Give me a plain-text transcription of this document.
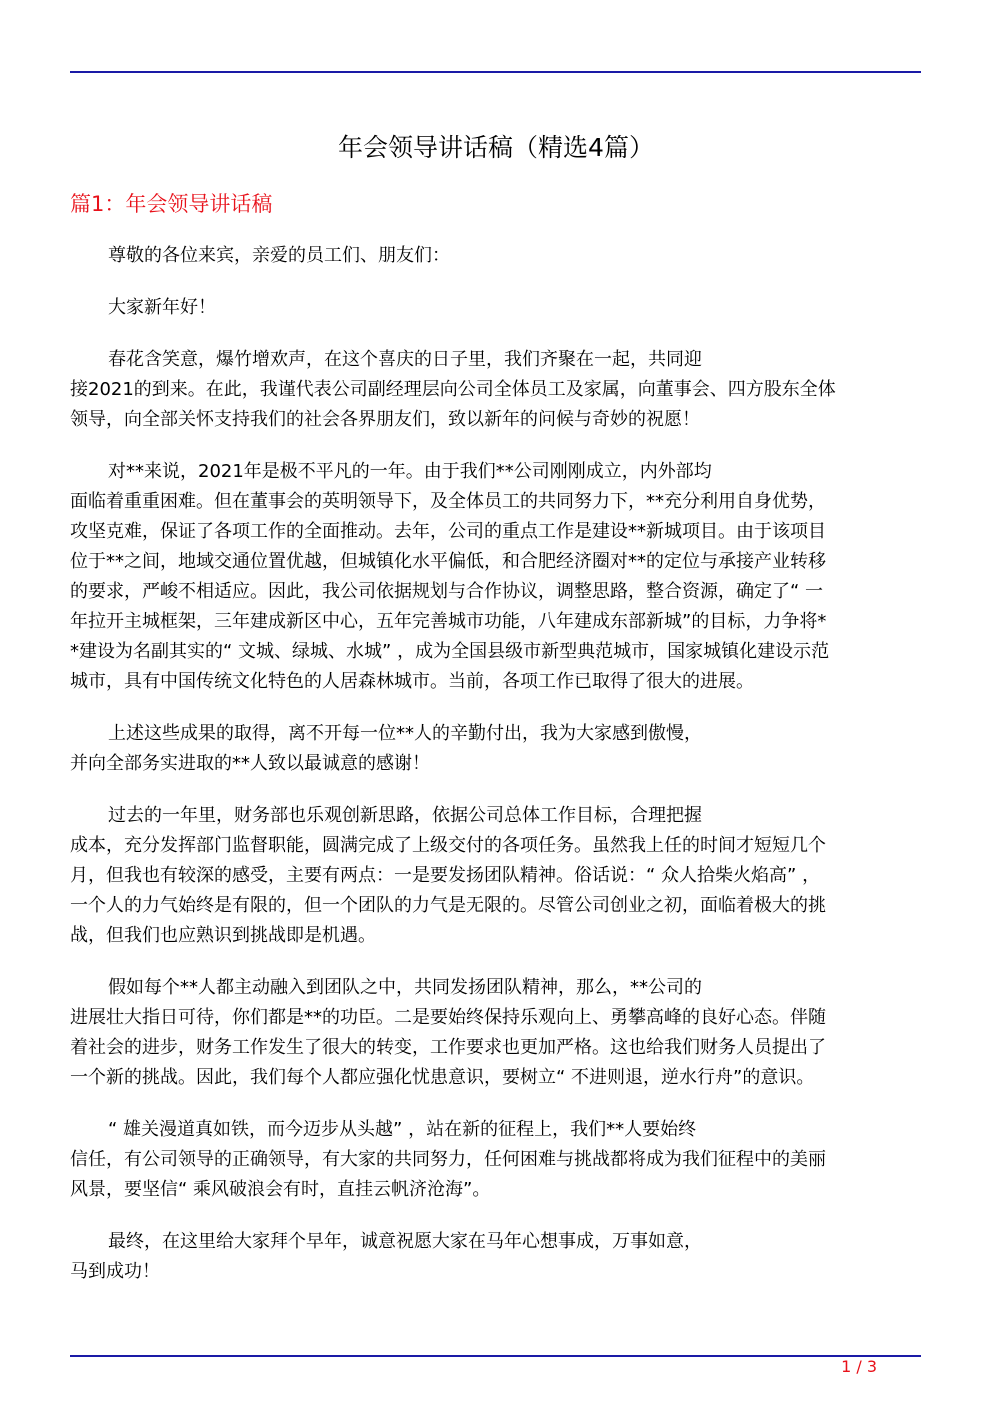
年会领导讲话稿（精选4篇）
篇1：年会领导讲话稿
尊敬的各位来宾，亲爱的员工们、朋友们：
大家新年好！
春花含笑意，爆竹增欢声，在这个喜庆的日子里，我们齐聚在一起，共同迎
接2021的到来。在此，我谨代表公司副经理层向公司全体员工及家属，向董事会、四方股东全体
领导，向全部关怀支持我们的社会各界朋友们，致以新年的问候与奇妙的祝愿！
对**来说，2021年是极不平凡的一年。由于我们**公司刚刚成立，内外部均
面临着重重困难。但在董事会的英明领导下，及全体员工的共同努力下，**充分利用自身优势，
攻坚克难，保证了各项工作的全面推动。去年，公司的重点工作是建设**新城项目。由于该项目
位于**之间，地域交通位置优越，但城镇化水平偏低，和合肥经济圈对**的定位与承接产业转移
的要求，严峻不相适应。因此，我公司依据规划与合作协议，调整思路，整合资源，确定了“ 一
年拉开主城框架，三年建成新区中心，五年完善城市功能，八年建成东部新城”的目标，力争将*
*建设为名副其实的“ 文城、绿城、水城” ，成为全国县级市新型典范城市，国家城镇化建设示范
城市，具有中国传统文化特色的人居森林城市。当前，各项工作已取得了很大的进展。
上述这些成果的取得，离不开每一位**人的辛勤付出，我为大家感到傲慢，
并向全部务实进取的**人致以最诚意的感谢！
过去的一年里，财务部也乐观创新思路，依据公司总体工作目标，合理把握
成本，充分发挥部门监督职能，圆满完成了上级交付的各项任务。虽然我上任的时间才短短几个
月，但我也有较深的感受，主要有两点：一是要发扬团队精神。俗话说：“ 众人拾柴火焰高” ，
一个人的力气始终是有限的，但一个团队的力气是无限的。尽管公司创业之初，面临着极大的挑
战，但我们也应熟识到挑战即是机遇。
假如每个**人都主动融入到团队之中，共同发扬团队精神，那么，**公司的
进展壮大指日可待，你们都是**的功臣。二是要始终保持乐观向上、勇攀高峰的良好心态。伴随
着社会的进步，财务工作发生了很大的转变，工作要求也更加严格。这也给我们财务人员提出了
一个新的挑战。因此，我们每个人都应强化忧患意识，要树立“ 不进则退，逆水行舟”的意识。
“ 雄关漫道真如铁，而今迈步从头越” ，站在新的征程上，我们**人要始终
信任，有公司领导的正确领导，有大家的共同努力，任何困难与挑战都将成为我们征程中的美丽
风景，要坚信“ 乘风破浪会有时，直挂云帆济沧海”。
最终，在这里给大家拜个早年，诚意祝愿大家在马年心想事成，万事如意，
马到成功！
1 / 3
